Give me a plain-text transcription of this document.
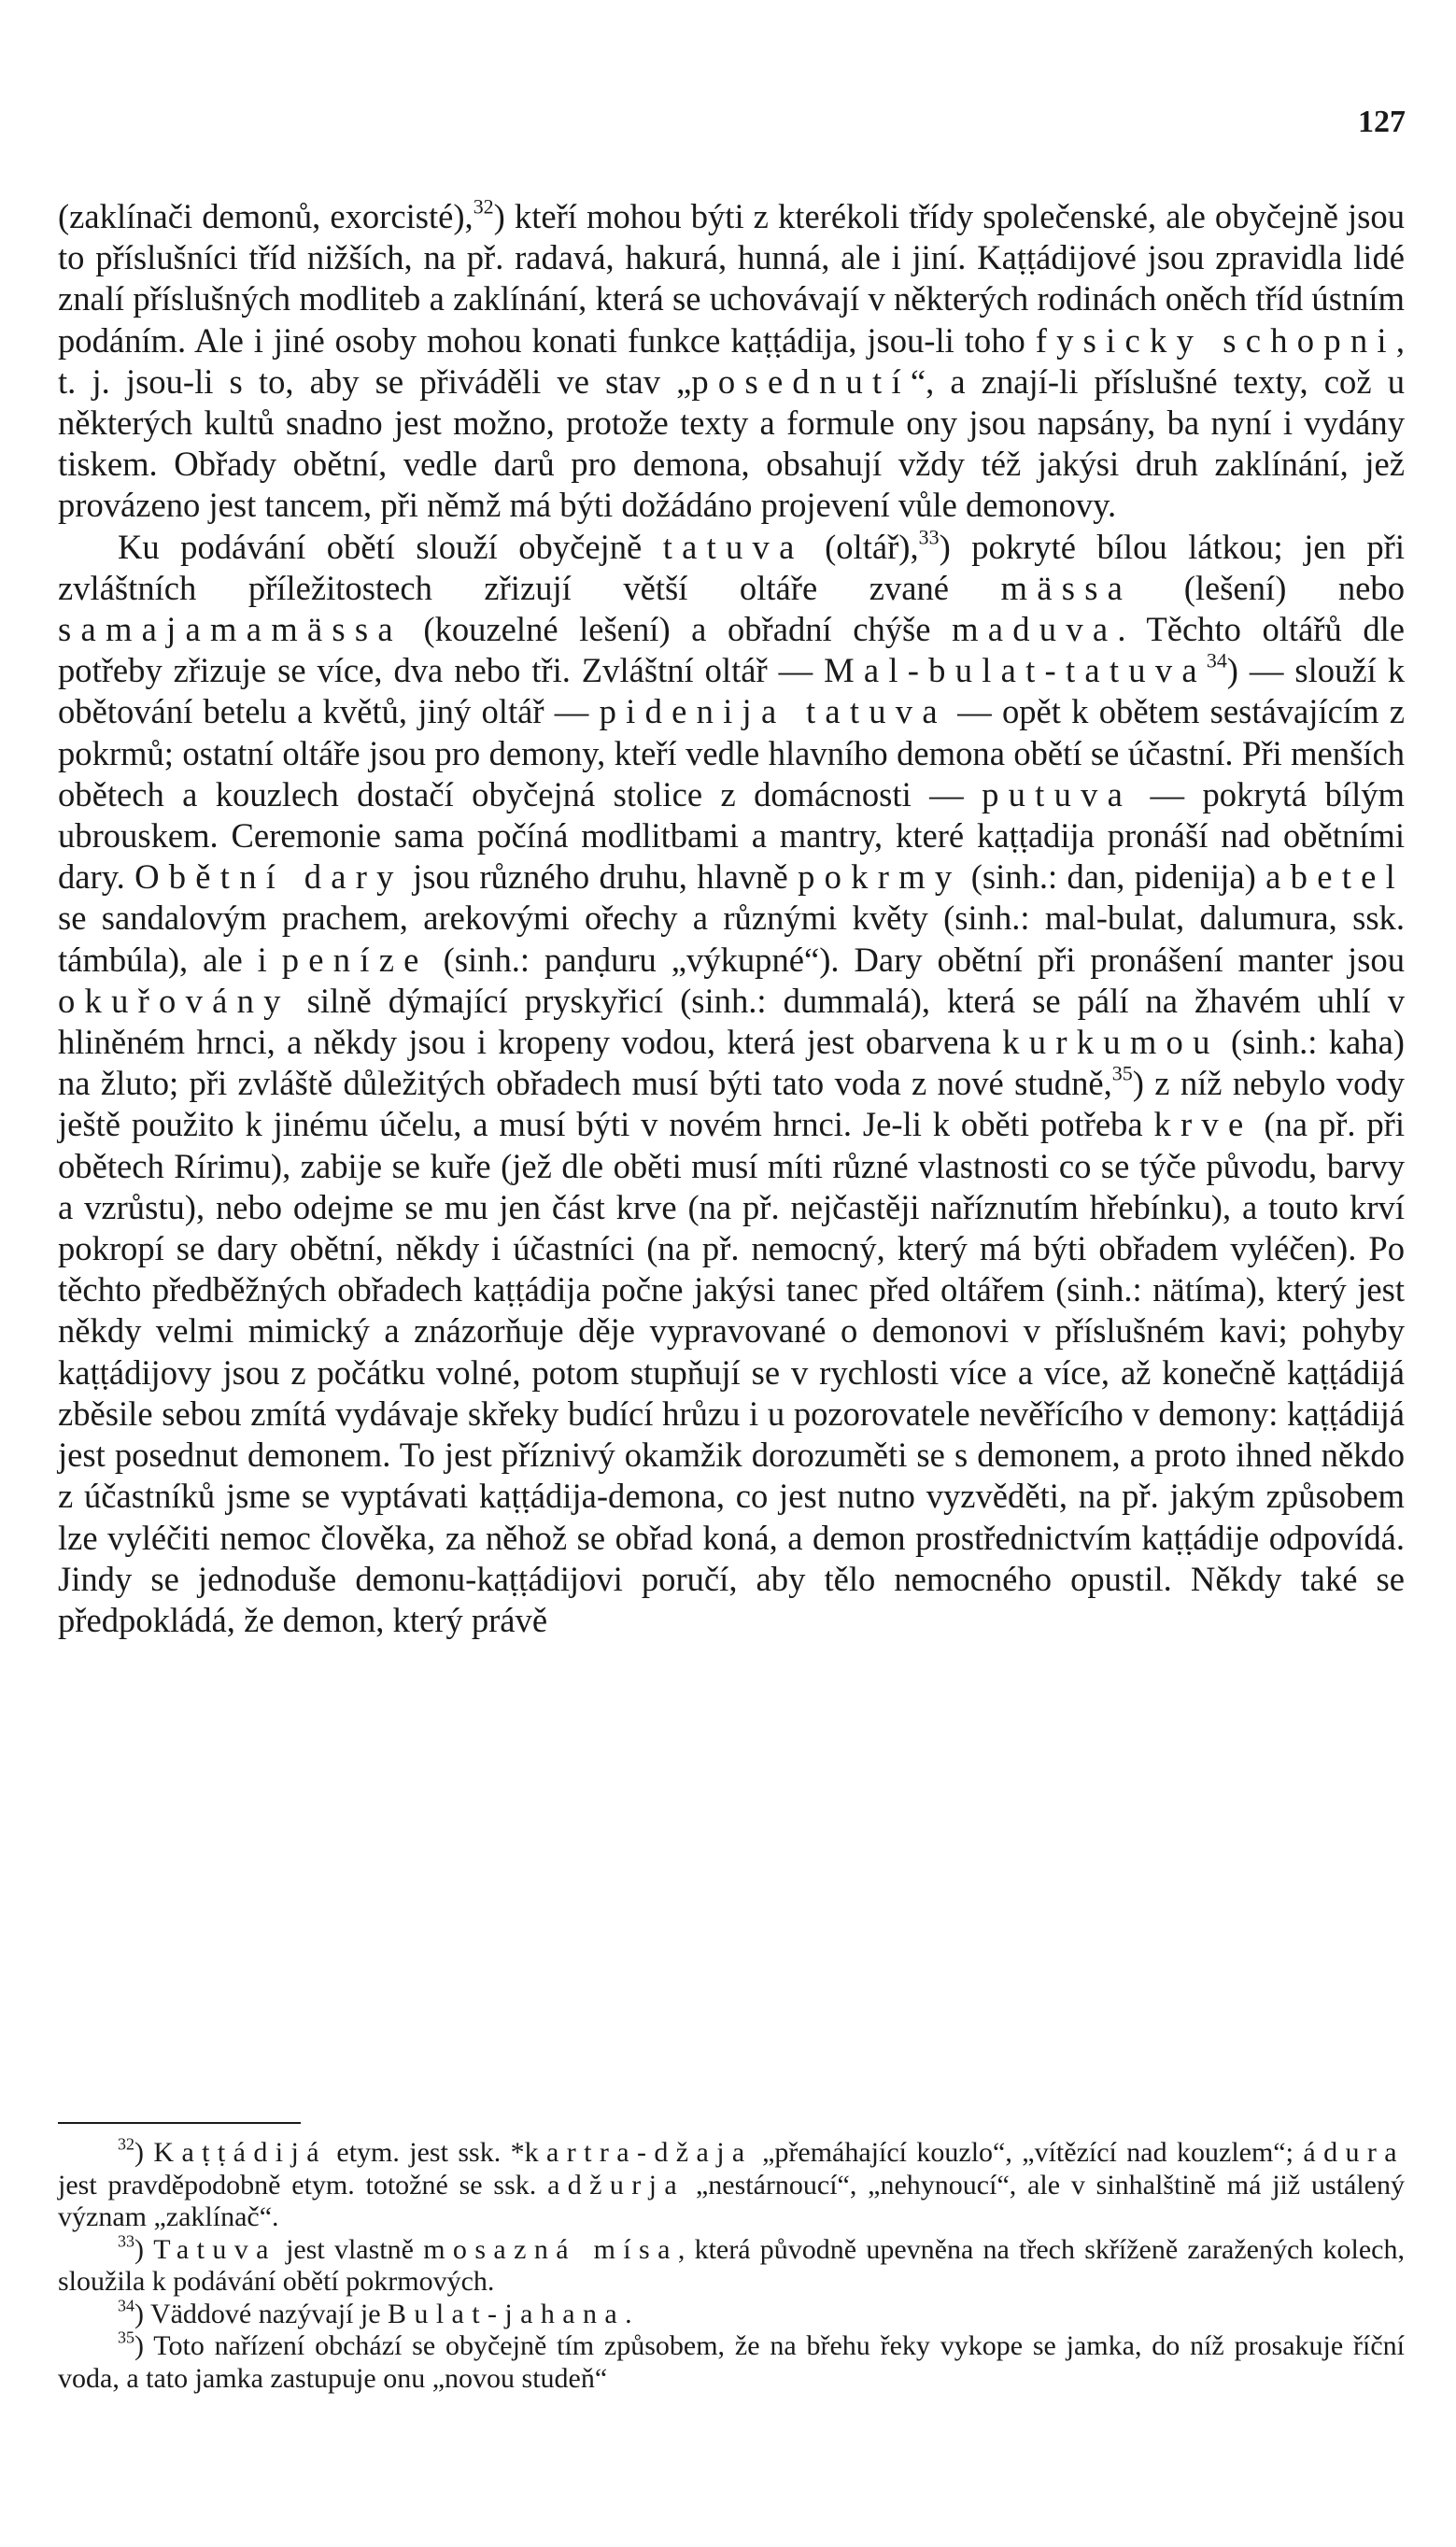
127

(zaklínači demonů, exorcisté),$^{32}$) kteří mohou býti z kterékoli třídy společenské, ale obyčejně jsou to příslušníci tříd nižších, na př. radavá, hakurá, hunná, ale i jiní. Kaṭṭádijové jsou zpravidla lidé znalí příslušných modliteb a zaklínání, která se uchovávají v některých rodinách oněch tříd ústním podáním. Ale i jiné osoby mohou konati funkce kaṭṭádija, jsou-li toho fysicky schopni, t. j. jsou-li s to, aby se přiváděli ve stav „posednutí“, a znají-li příslušné texty, což u některých kultů snadno jest možno, protože texty a formule ony jsou napsány, ba nyní i vydány tiskem. Obřady obětní, vedle darů pro demona, obsahují vždy též jakýsi druh zaklínání, jež provázeno jest tancem, při němž má býti dožádáno projevení vůle demonovy.

Ku podávání obětí slouží obyčejně tatuva (oltář),$^{33}$) pokryté bílou látkou; jen při zvláštních příležitostech zřizují větší oltáře zvané mässa (lešení) nebo samajamamässa (kouzelné lešení) a obřadní chýše maduva. Těchto oltářů dle potřeby zřizuje se více, dva nebo tři. Zvláštní oltář — Mal-bulat-tatuva$^{34}$) — slouží k obětování betelu a květů, jiný oltář — pidenija tatuva — opět k obětem sestávajícím z pokrmů; ostatní oltáře jsou pro demony, kteří vedle hlavního demona obětí se účastní. Při menších obětech a kouzlech dostačí obyčejná stolice z domácnosti — putuva — pokrytá bílým ubrouskem. Ceremonie sama počíná modlitbami a mantry, které kaṭṭadija pronáší nad obětními dary. Obětní dary jsou různého druhu, hlavně pokrmy (sinh.: dan, pidenija) a betel se sandalovým prachem, arekovými ořechy a různými květy (sinh.: mal-bulat, dalumura, ssk. támbúla), ale i peníze (sinh.: panḍuru „výkupné“). Dary obětní při pronášení manter jsou okuřovány silně dýmající pryskyřicí (sinh.: dummalá), která se pálí na žhavém uhlí v hliněném hrnci, a někdy jsou i kropeny vodou, která jest obarvena kurkumou (sinh.: kaha) na žluto; při zvláště důležitých obřadech musí býti tato voda z nové studně,$^{35}$) z níž nebylo vody ještě použito k jinému účelu, a musí býti v novém hrnci. Je-li k oběti potřeba krve (na př. při obětech Rírimu), zabije se kuře (jež dle oběti musí míti různé vlastnosti co se týče původu, barvy a vzrůstu), nebo odejme se mu jen část krve (na př. nejčastěji naříznutím hřebínku), a touto krví pokropí se dary obětní, někdy i účastníci (na př. nemocný, který má býti obřadem vyléčen). Po těchto předběžných obřadech kaṭṭádija počne jakýsi tanec před oltářem (sinh.: nätíma), který jest někdy velmi mimický a znázorňuje děje vypravované o demonovi v příslušném kavi; pohyby kaṭṭádijovy jsou z počátku volné, potom stupňují se v rychlosti více a více, až konečně kaṭṭádijá zběsile sebou zmítá vydávaje skřeky budící hrůzu i u pozorovatele nevěřícího v demony: kaṭṭádijá jest posednut demonem. To jest příznivý okamžik dorozuměti se s demonem, a proto ihned někdo z účastníků jsme se vyptávati kaṭṭádija-demona, co jest nutno vyzvěděti, na př. jakým způsobem lze vyléčiti nemoc člověka, za něhož se obřad koná, a demon prostřednictvím kaṭṭádije odpovídá. Jindy se jednoduše demonu-kaṭṭádijovi poručí, aby tělo nemocného opustil. Někdy také se předpokládá, že demon, který právě

$^{32}$) Kaṭṭádijá etym. jest ssk. *kartra-džaja „přemáhající kouzlo“, „vítězící nad kouzlem“; ádura jest pravděpodobně etym. totožné se ssk. adžurja „nestárnoucí“, „nehynoucí“, ale v sinhalštině má již ustálený význam „zaklínač“.

$^{33}$) Tatuva jest vlastně mosazná mísa, která původně upevněna na třech skříženě zaražených kolech, sloužila k podávání obětí pokrmových.

$^{34}$) Väddové nazývají je Bulat-jahana.

$^{35}$) Toto nařízení obchází se obyčejně tím způsobem, že na břehu řeky vykope se jamka, do níž prosakuje říční voda, a tato jamka zastupuje onu „novou studeň“
